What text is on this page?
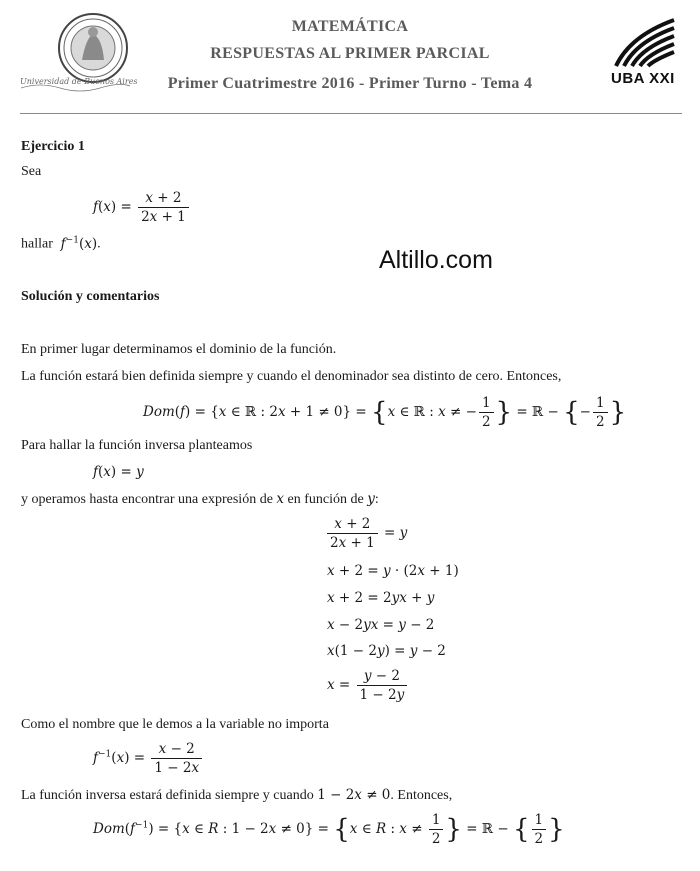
Universidad de Buenos Aires
MATEMÁTICA
RESPUESTAS AL PRIMER PARCIAL
Primer Cuatrimestre 2016 - Primer Turno - Tema 4	UBA XXI
Ejercicio 1
Sea
$f(x) = \frac{x + 2}{2x + 1}$
hallar  $f^{-1}(x)$.
Altillo.com
Solución y comentarios
En primer lugar determinamos el dominio de la función.
La función estará bien definida siempre y cuando el denominador sea distinto de cero. Entonces,
Dom(f) = {x ∈ ℝ : 2x + 1 ≠ 0} = {x ∈ ℝ : x ≠ − $\frac{1}{2}$ } = ℝ − {− $\frac{1}{2}$ }
Para hallar la función inversa planteamos
f(x) = y
y operamos hasta encontrar una expresión de x en función de y:
$\frac{x + 2}{2x + 1} = y$
x + 2 = y · (2x + 1)
x + 2 = 2yx + y
x − 2yx = y − 2
x(1 − 2y) = y − 2
$x = \frac{y - 2}{1 - 2y}$
Como el nombre que le demos a la variable no importa
$f^{-1}(x) = \frac{x - 2}{1 - 2x}$
La función inversa estará definida siempre y cuando 1 − 2x ≠ 0. Entonces,
$Dom(f^{-1}) = \{x$ ∈ R : 1 − 2x ≠ 0} = {x ∈ R : $x \ne \frac{1}{2}$ } = ℝ − { $\frac{1}{2}$ }
